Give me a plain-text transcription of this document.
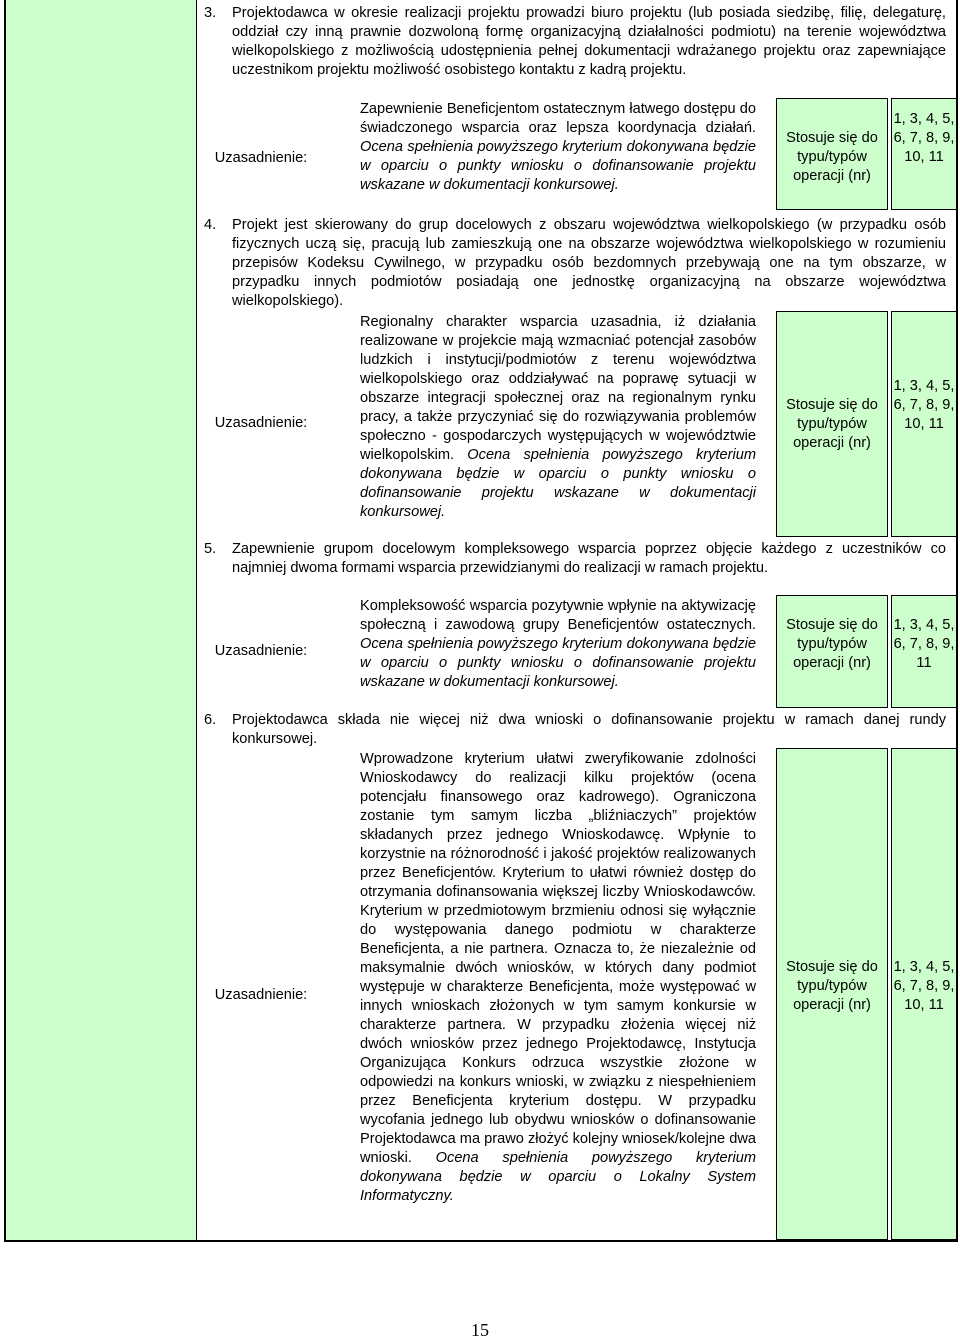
3. Projektodawca w okresie realizacji projektu prowadzi biuro projektu (lub posiada siedzibę, filię, delegaturę, oddział czy inną prawnie dozwoloną formę organizacyjną działalności podmiotu) na terenie województwa wielkopolskiego z możliwością udostępnienia pełnej dokumentacji wdrażanego projektu oraz zapewniające uczestnikom projektu możliwość osobistego kontaktu z kadrą projektu.
Uzasadnienie:
Zapewnienie Beneficjentom ostatecznym łatwego dostępu do świadczonego wsparcia oraz lepsza koordynacja działań. Ocena spełnienia powyższego kryterium dokonywana będzie w oparciu o punkty wniosku o dofinansowanie projektu wskazane w dokumentacji konkursowej.
Stosuje się do typu/typów operacji (nr)
1, 3, 4, 5, 6, 7, 8, 9, 10, 11
4. Projekt jest skierowany do grup docelowych z obszaru województwa wielkopolskiego (w przypadku osób fizycznych uczą się, pracują lub zamieszkują one na obszarze województwa wielkopolskiego w rozumieniu przepisów Kodeksu Cywilnego, w przypadku osób bezdomnych przebywają one na tym obszarze, w przypadku innych podmiotów posiadają one jednostkę organizacyjną na obszarze województwa wielkopolskiego).
Uzasadnienie:
Regionalny charakter wsparcia uzasadnia, iż działania realizowane w projekcie mają wzmacniać potencjał zasobów ludzkich i instytucji/podmiotów z terenu województwa wielkopolskiego oraz oddziaływać na poprawę sytuacji w obszarze integracji społecznej oraz na regionalnym rynku pracy, a także przyczyniać się do rozwiązywania problemów społeczno - gospodarczych występujących w województwie wielkopolskim. Ocena spełnienia powyższego kryterium dokonywana będzie w oparciu o punkty wniosku o dofinansowanie projektu wskazane w dokumentacji konkursowej.
Stosuje się do typu/typów operacji (nr)
1, 3, 4, 5, 6, 7, 8, 9, 10, 11
5. Zapewnienie grupom docelowym kompleksowego wsparcia poprzez objęcie każdego z uczestników co najmniej dwoma formami wsparcia przewidzianymi do realizacji w ramach projektu.
Uzasadnienie:
Kompleksowość wsparcia pozytywnie wpłynie na aktywizację społeczną i zawodową grupy Beneficjentów ostatecznych. Ocena spełnienia powyższego kryterium dokonywana będzie w oparciu o punkty wniosku o dofinansowanie projektu wskazane w dokumentacji konkursowej.
Stosuje się do typu/typów operacji (nr)
1, 3, 4, 5, 6, 7, 8, 9, 11
6. Projektodawca składa nie więcej niż dwa wnioski o dofinansowanie projektu w ramach danej rundy konkursowej.
Uzasadnienie:
Wprowadzone kryterium ułatwi zweryfikowanie zdolności Wnioskodawcy do realizacji kilku projektów (ocena potencjału finansowego oraz kadrowego). Ograniczona zostanie tym samym liczba „bliźniaczych” projektów składanych przez jednego Wnioskodawcę. Wpłynie to korzystnie na różnorodność i jakość projektów realizowanych przez Beneficjentów. Kryterium to ułatwi również dostęp do otrzymania dofinansowania większej liczby Wnioskodawców. Kryterium w przedmiotowym brzmieniu odnosi się wyłącznie do występowania danego podmiotu w charakterze Beneficjenta, a nie partnera. Oznacza to, że niezależnie od maksymalnie dwóch wniosków, w których dany podmiot występuje w charakterze Beneficjenta, może występować w innych wnioskach złożonych w tym samym konkursie w charakterze partnera. W przypadku złożenia więcej niż dwóch wniosków przez jednego Projektodawcę, Instytucja Organizująca Konkurs odrzuca wszystkie złożone w odpowiedzi na konkurs wnioski, w związku z niespełnieniem przez Beneficjenta kryterium dostępu. W przypadku wycofania jednego lub obydwu wniosków o dofinansowanie Projektodawca ma prawo złożyć kolejny wniosek/kolejne dwa wnioski. Ocena spełnienia powyższego kryterium dokonywana będzie w oparciu o Lokalny System Informatyczny.
Stosuje się do typu/typów operacji (nr)
1, 3, 4, 5, 6, 7, 8, 9, 10, 11
15
